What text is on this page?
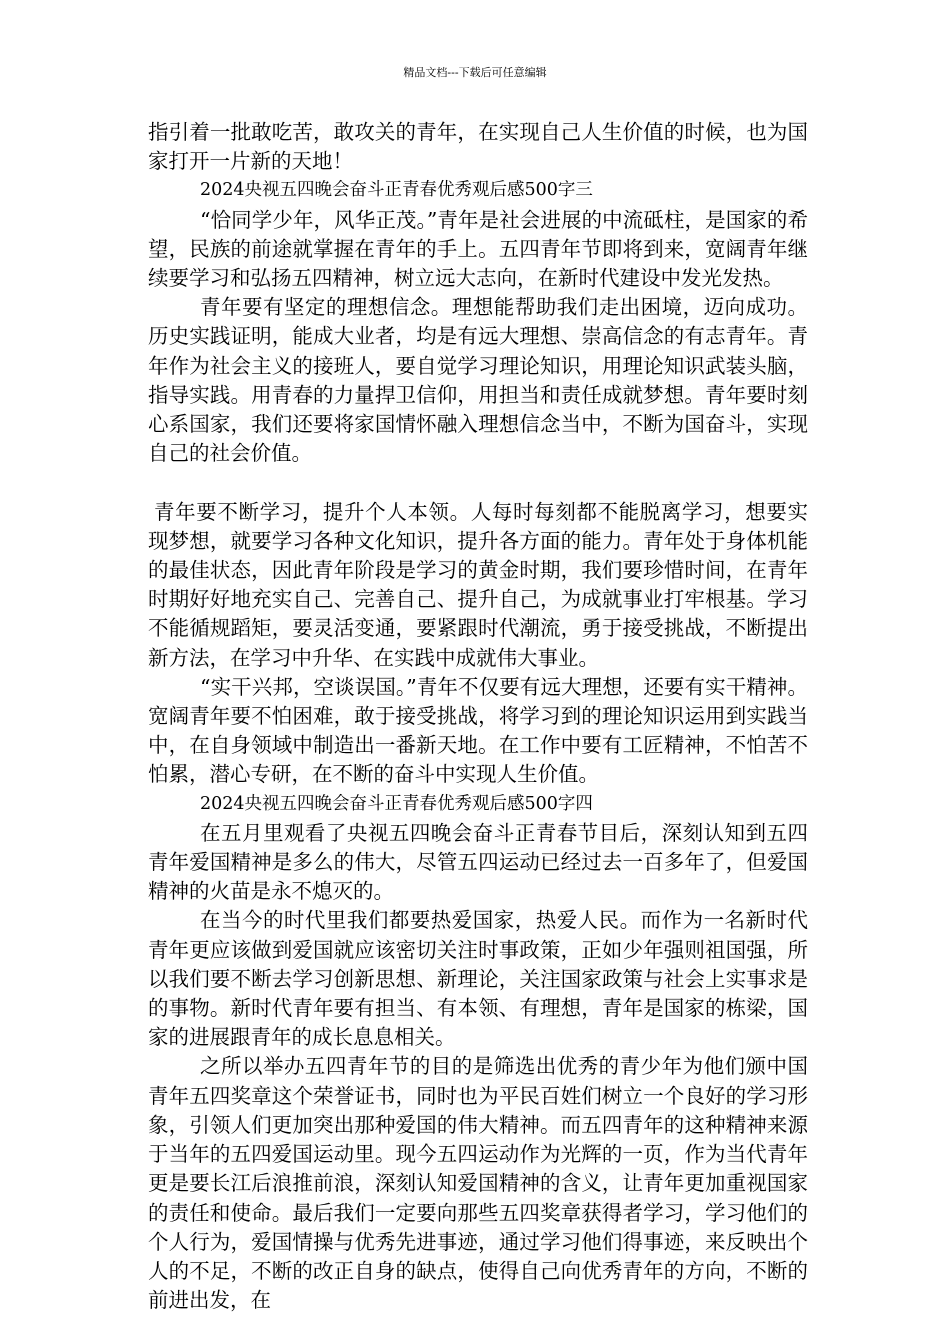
精品文档---下载后可任意编辑

指引着一批敢吃苦，敢攻关的青年，在实现自己人生价值的时候，也为国家打开一片新的天地！

2024央视五四晚会奋斗正青春优秀观后感500字三

“恰同学少年，风华正茂。”青年是社会进展的中流砥柱，是国家的希望，民族的前途就掌握在青年的手上。五四青年节即将到来，宽阔青年继续要学习和弘扬五四精神，树立远大志向，在新时代建设中发光发热。

青年要有坚定的理想信念。理想能帮助我们走出困境，迈向成功。历史实践证明，能成大业者，均是有远大理想、崇高信念的有志青年。青年作为社会主义的接班人，要自觉学习理论知识，用理论知识武装头脑，指导实践。用青春的力量捍卫信仰，用担当和责任成就梦想。青年要时刻心系国家，我们还要将家国情怀融入理想信念当中，不断为国奋斗，实现自己的社会价值。

青年要不断学习，提升个人本领。人每时每刻都不能脱离学习，想要实现梦想，就要学习各种文化知识，提升各方面的能力。青年处于身体机能的最佳状态，因此青年阶段是学习的黄金时期，我们要珍惜时间，在青年时期好好地充实自己、完善自己、提升自己，为成就事业打牢根基。学习不能循规蹈矩，要灵活变通，要紧跟时代潮流，勇于接受挑战，不断提出新方法，在学习中升华、在实践中成就伟大事业。

“实干兴邦，空谈误国。”青年不仅要有远大理想，还要有实干精神。宽阔青年要不怕困难，敢于接受挑战，将学习到的理论知识运用到实践当中，在自身领域中制造出一番新天地。在工作中要有工匠精神，不怕苦不怕累，潜心专研，在不断的奋斗中实现人生价值。

2024央视五四晚会奋斗正青春优秀观后感500字四

在五月里观看了央视五四晚会奋斗正青春节目后，深刻认知到五四青年爱国精神是多么的伟大，尽管五四运动已经过去一百多年了，但爱国精神的火苗是永不熄灭的。

在当今的时代里我们都要热爱国家，热爱人民。而作为一名新时代青年更应该做到爱国就应该密切关注时事政策，正如少年强则祖国强，所以我们要不断去学习创新思想、新理论，关注国家政策与社会上实事求是的事物。新时代青年要有担当、有本领、有理想，青年是国家的栋梁，国家的进展跟青年的成长息息相关。

之所以举办五四青年节的目的是筛选出优秀的青少年为他们颁中国青年五四奖章这个荣誉证书，同时也为平民百姓们树立一个良好的学习形象，引领人们更加突出那种爱国的伟大精神。而五四青年的这种精神来源于当年的五四爱国运动里。现今五四运动作为光辉的一页，作为当代青年更是要长江后浪推前浪，深刻认知爱国精神的含义，让青年更加重视国家的责任和使命。最后我们一定要向那些五四奖章获得者学习，学习他们的个人行为，爱国情操与优秀先进事迹，通过学习他们得事迹，来反映出个人的不足，不断的改正自身的缺点，使得自己向优秀青年的方向，不断的前进出发，在
